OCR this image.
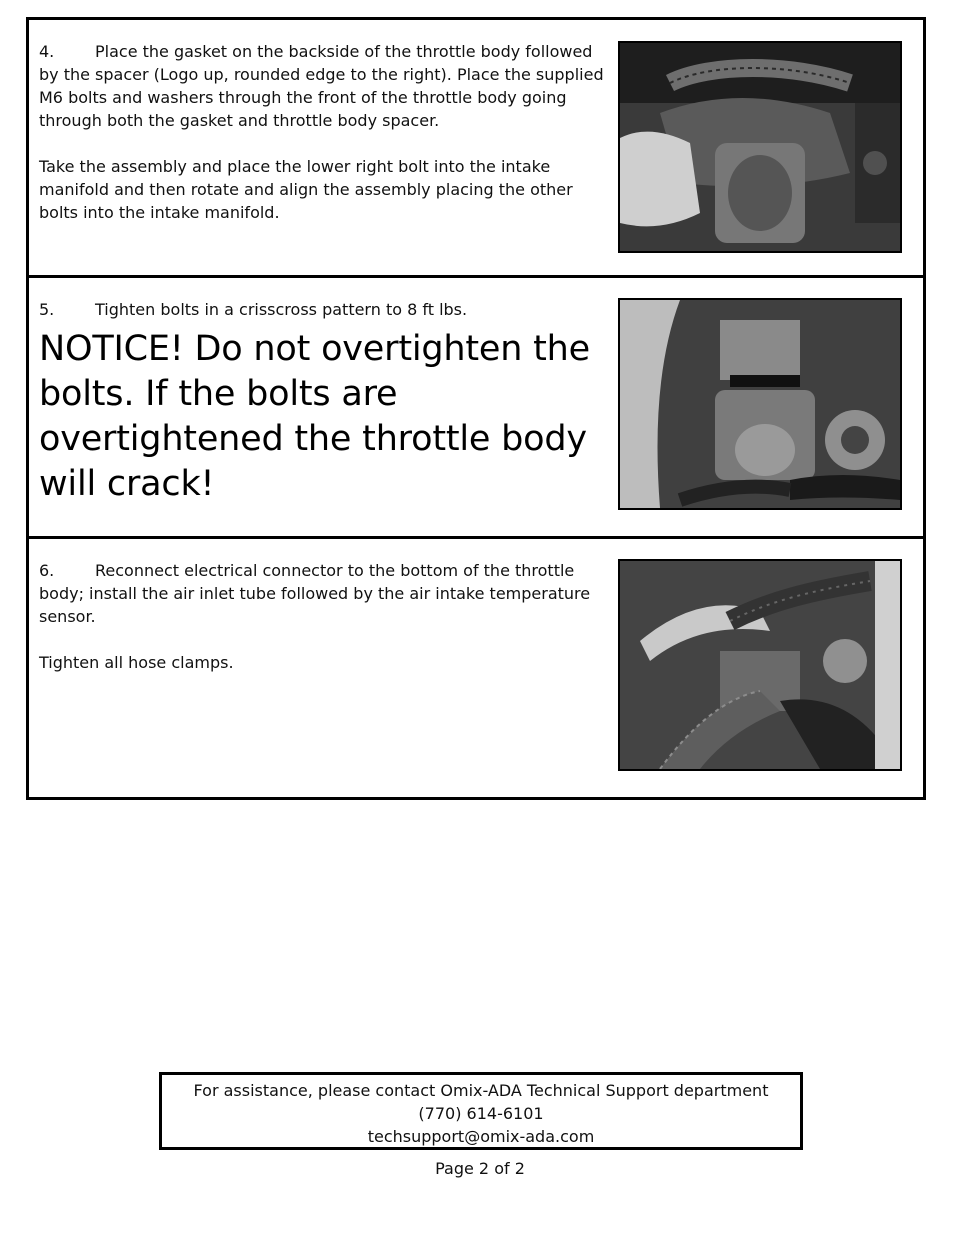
4.	Place the gasket on the backside of the throttle body followed by the spacer (Logo up, rounded edge to the right). Place the supplied M6 bolts and washers through the front of the throttle body going through both the gasket and throttle body spacer.

Take the assembly and place the lower right bolt into the intake manifold and then rotate and align the assembly placing the other bolts into the intake manifold.

5.	Tighten bolts in a crisscross pattern to 8 ft lbs.

NOTICE! Do not overtighten the bolts. If the bolts are overtightened the throttle body will crack!

6.	Reconnect electrical connector to the bottom of the throttle body; install the air inlet tube followed by the air intake temperature sensor.

Tighten all hose clamps.

For assistance, please contact Omix-ADA Technical Support department
(770) 614-6101
techsupport@omix-ada.com
Page 2 of 2
